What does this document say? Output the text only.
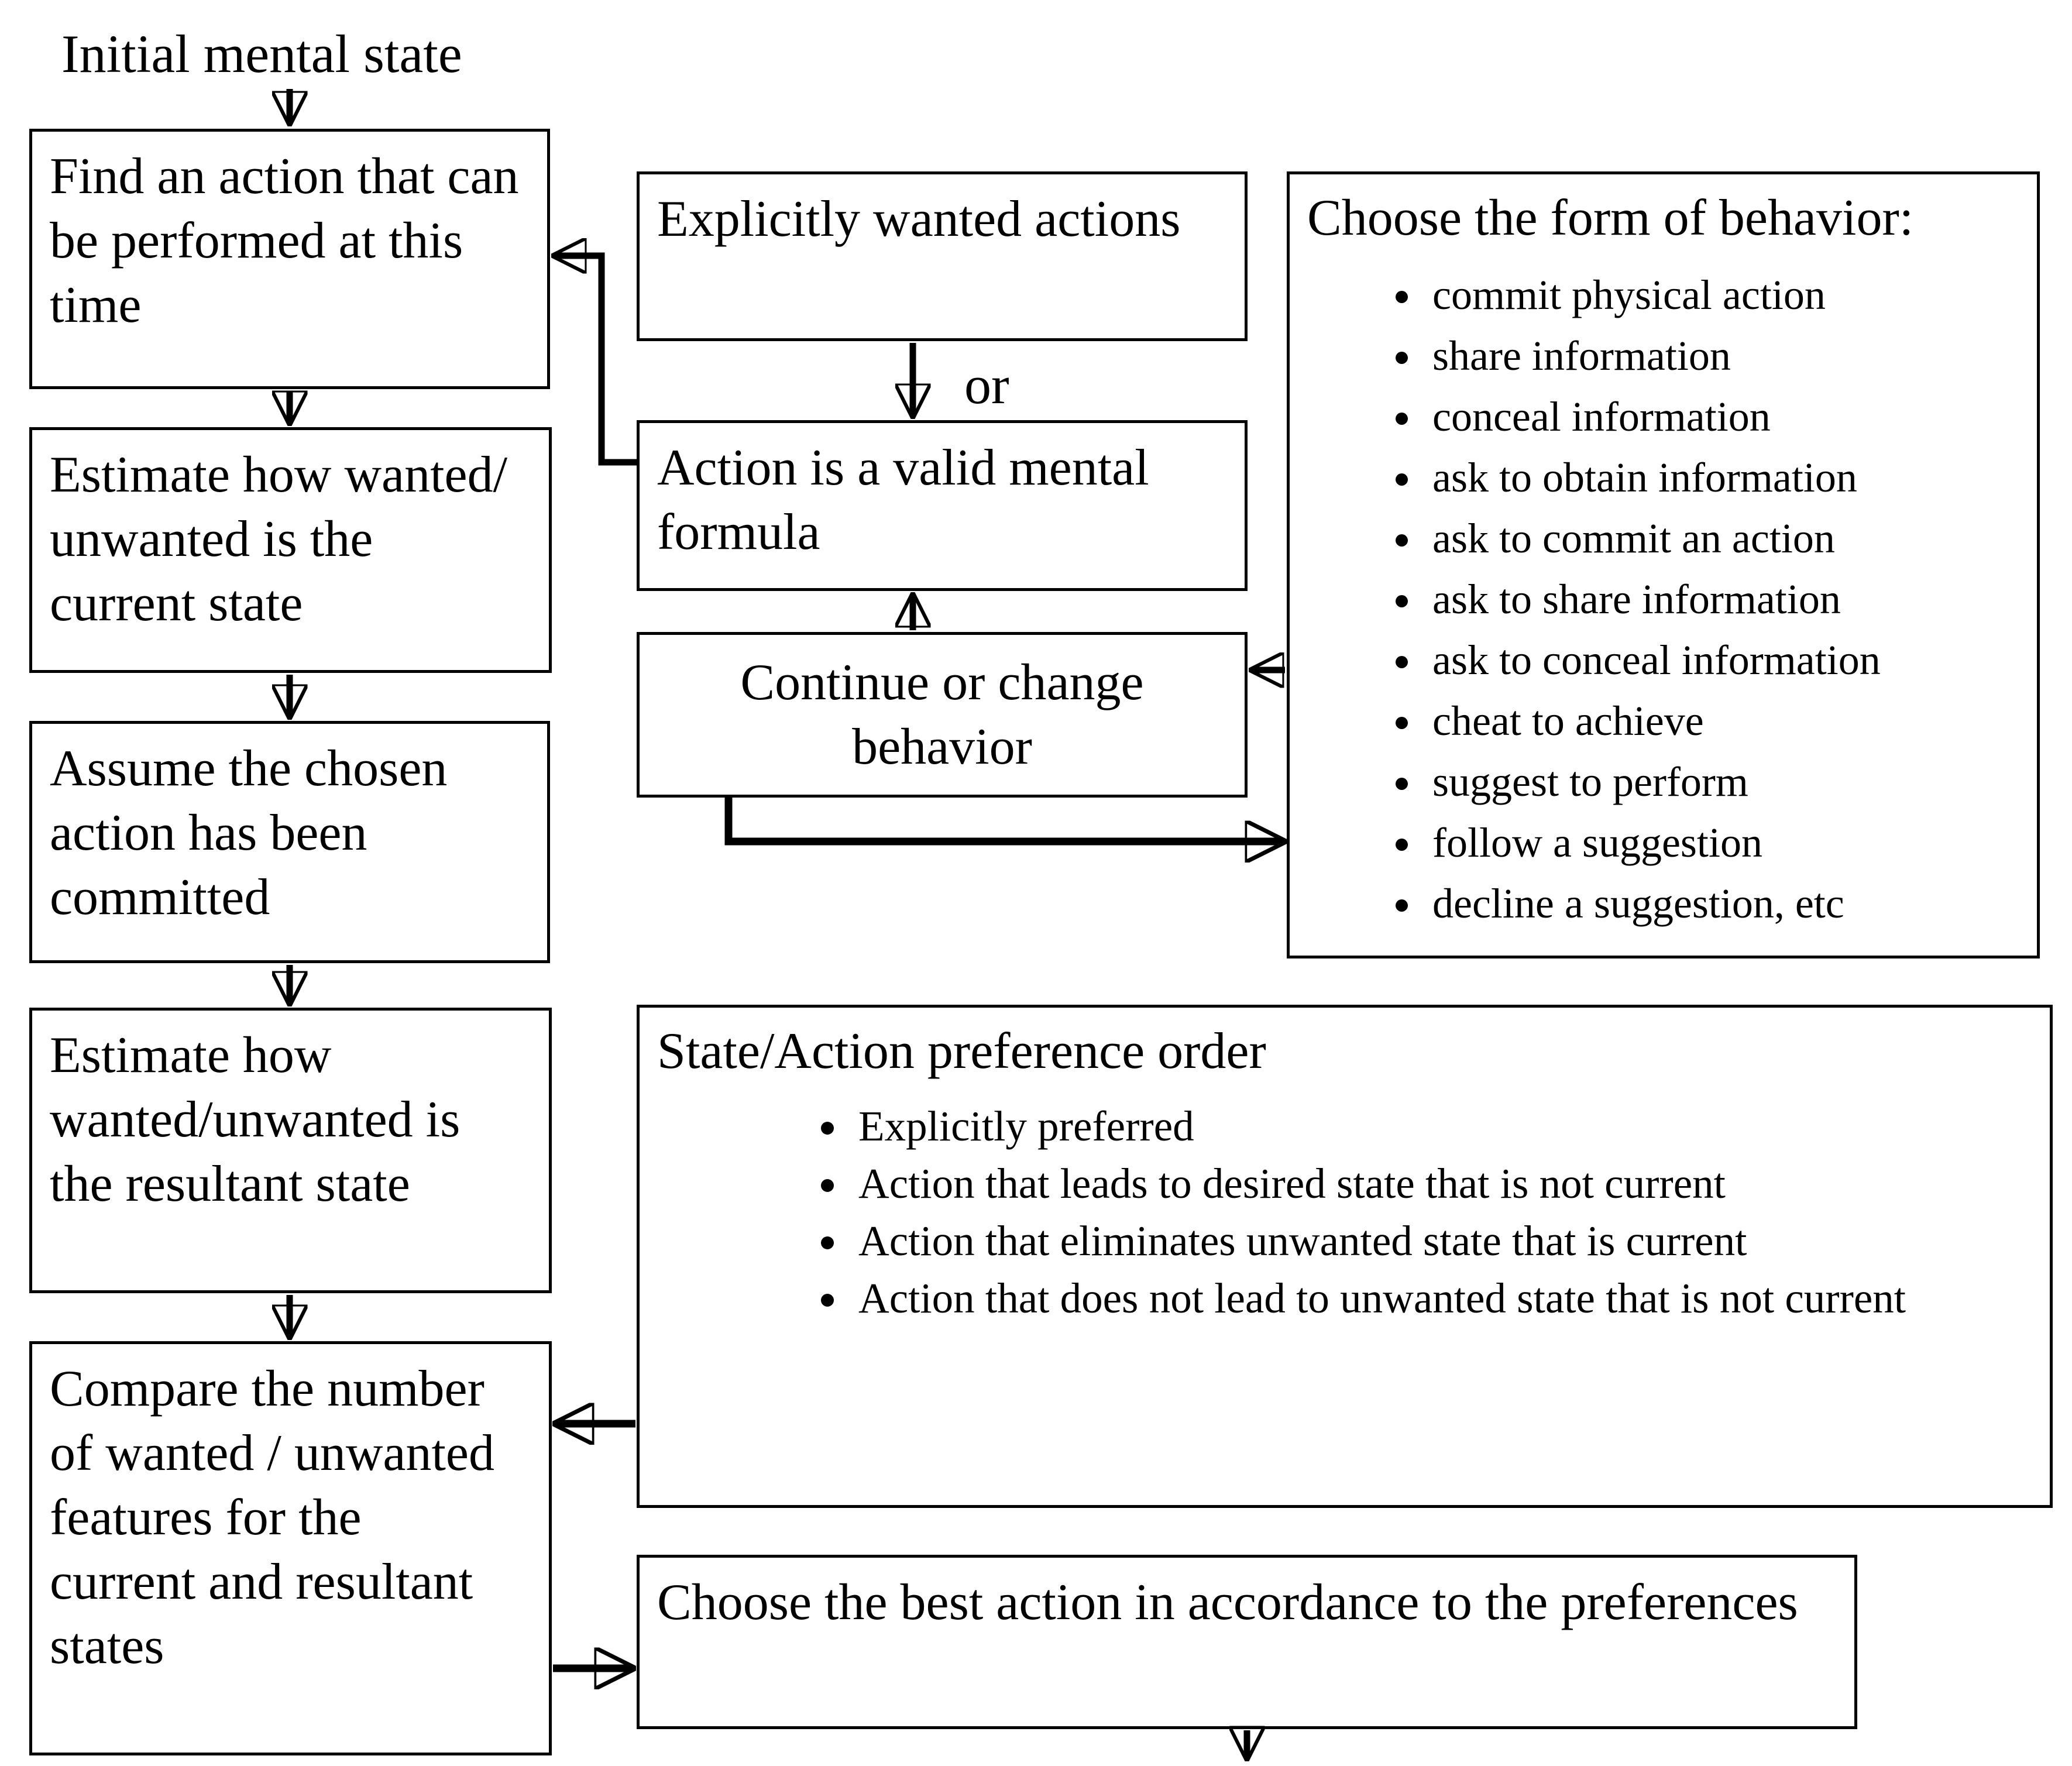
Initial mental state
or
Find an action that can be performed at this time
Estimate how wanted/ unwanted is the current state
Assume the chosen action has been committed
Estimate how wanted/unwanted is the resultant state
Compare the number of wanted / unwanted features for the current and resultant states
Explicitly wanted actions
Action is a valid mental formula
Continue or change behavior
Choose the form of behavior:
• commit physical action
• share information
• conceal information
• ask to obtain information
• ask to commit an action
• ask to share information
• ask to conceal information
• cheat to achieve
• suggest to perform
• follow a suggestion
• decline a suggestion, etc
State/Action preference order
• Explicitly preferred
• Action that leads to desired state that is not current
• Action that eliminates unwanted state that is current
• Action that does not lead to unwanted state that is not current
Choose the best action in accordance to the preferences
